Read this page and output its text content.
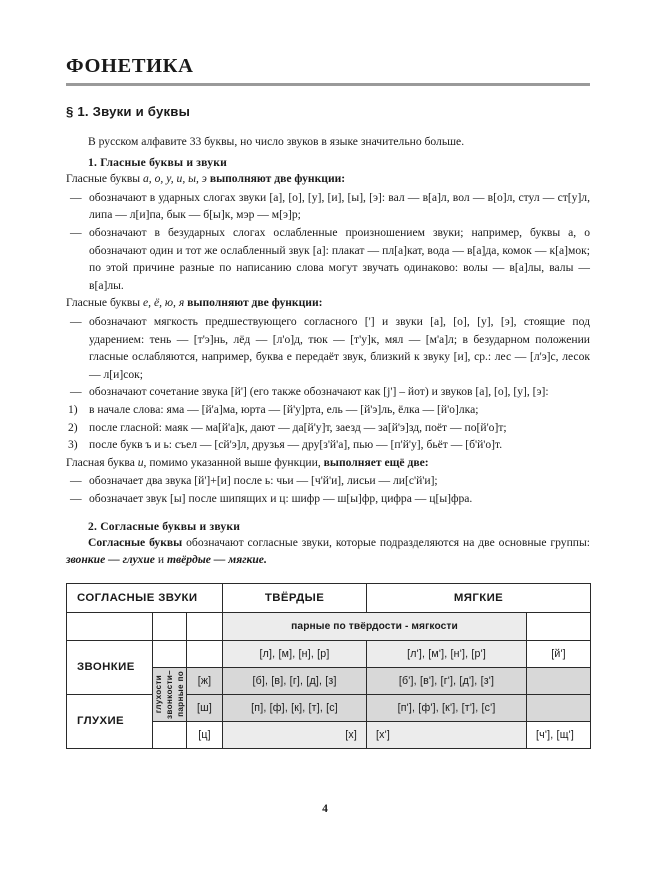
ФОНЕТИКА
§ 1. Звуки и буквы

В русском алфавите 33 буквы, но число звуков в языке значительно больше.

1. Гласные буквы и звуки

Гласные буквы а, о, у, и, ы, э выполняют две функции:

— обозначают в ударных слогах звуки [а], [о], [у], [и], [ы], [э]: вал — в[а]л, вол — в[о]л, стул — ст[у]л, липа — л[и]па, бык — б[ы]к, мэр — м[э]р;
— обозначают в безударных слогах ослабленные произношением звуки; например, буквы а, о обозначают один и тот же ослабленный звук [а]: плакат — пл[а]кат, вода — в[а]да, комок — к[а]мок; по этой причине разные по написанию слова могут звучать одинаково: волы — в[а]лы, валы — в[а]лы.

Гласные буквы е, ё, ю, я выполняют две функции:

— обозначают мягкость предшествующего согласного ['] и звуки [а], [о], [у], [э], стоящие под ударением: тень — [т'э]нь, лёд — [л'о]д, тюк — [т'у]к, мял — [м'а]л; в безударном положении гласные ослабляются, например, буква е передаёт звук, близкий к звуку [и], ср.: лес — [л'э]с, лесок — л[и]сок;
— обозначают сочетание звука [й'] (его также обозначают как [j'] – йот) и звуков [а], [о], [у], [э]:
1) в начале слова: яма — [й'а]ма, юрта — [й'у]рта, ель — [й'э]ль, ёлка — [й'о]лка;
2) после гласной: маяк — ма[й'а]к, дают — да[й'у]т, заезд — за[й'э]зд, поёт — по[й'о]т;
3) после букв ъ и ь: съел — [сй'э]л, друзья — дру[з'й'а], пью — [п'й'у], бьёт — [б'й'о]т.

Гласная буква и, помимо указанной выше функции, выполняет ещё две:

— обозначает два звука [й']+[и] после ь: чьи — [ч'й'и], лисьи — ли[с'й'и];
— обозначает звук [ы] после шипящих и ц: шифр — ш[ы]фр, цифра — ц[ы]фра.
2. Согласные буквы и звуки

Согласные буквы обозначают согласные звуки, которые подразделяются на две основные группы: звонкие — глухие и твёрдые — мягкие.

СОГЛАСНЫЕ ЗВУКИ			ТВЁРДЫЕ	МЯГКИЕ	
			парные по твёрдости - мягкости		
ЗВОНКИЕ			[л], [м], [н], [р]	[л'], [м'], [н'], [р']	[й']

	парные по
звонкости–
глухости	[ж]	[б], [в], [г], [д], [з]	[б'], [в'], [г'], [д'], [з']	
ГЛУХИЕ		[ш]	[п], [ф], [к], [т], [с]	[п'], [ф'], [к'], [т'], [с']	
		[ц]	[х]	[х']	[ч'], [щ']
4
